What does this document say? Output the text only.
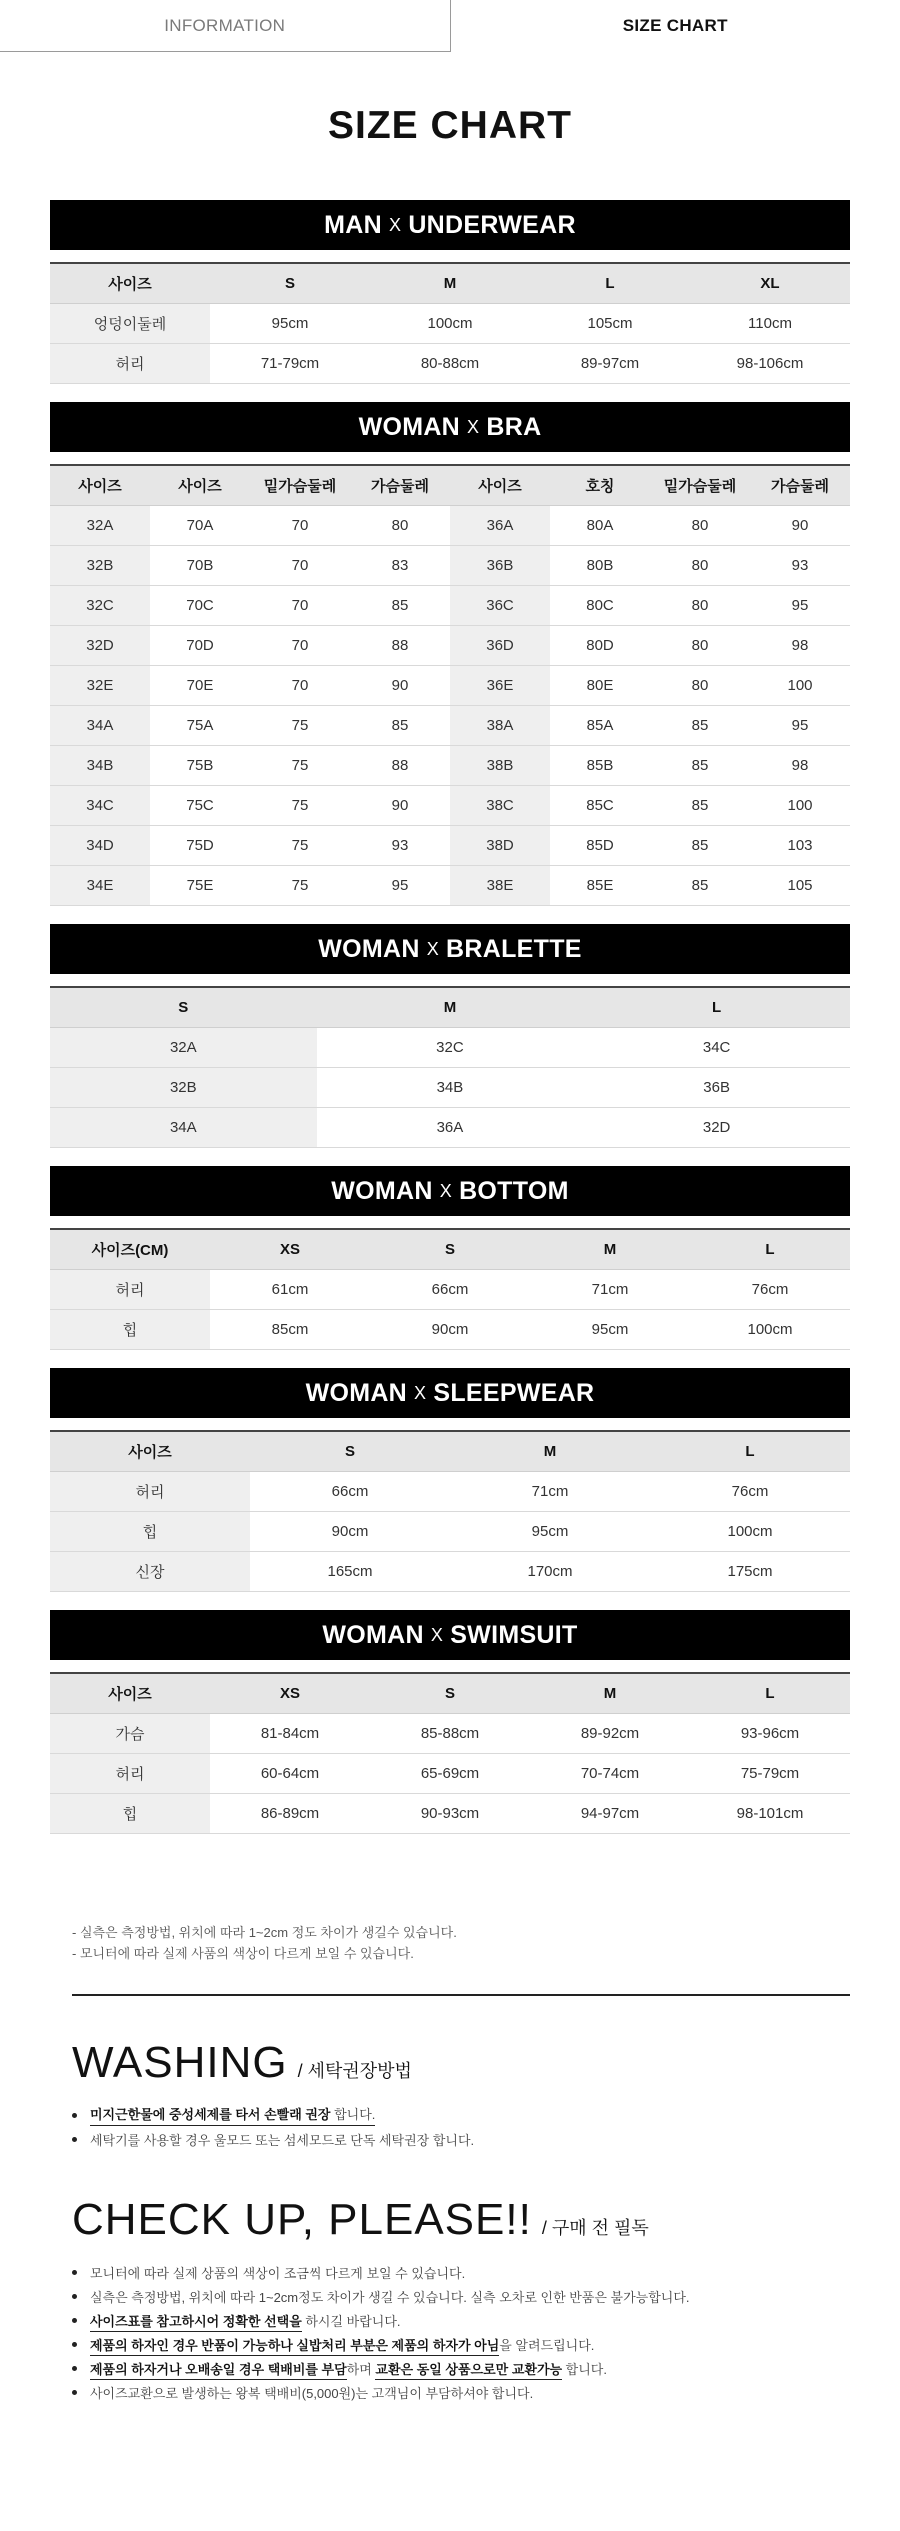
INFORMATION	SIZE CHART
SIZE CHART
MAN X UNDERWEAR
사이즈	S	M	L	XL
엉덩이둘레	95cm	100cm	105cm	110cm
허리	71-79cm	80-88cm	89-97cm	98-106cm
WOMAN X BRA
사이즈	사이즈	밑가슴둘레	가슴둘레	사이즈	호칭	밑가슴둘레	가슴둘레
32A	70A	70	80	36A	80A	80	90
32B	70B	70	83	36B	80B	80	93
32C	70C	70	85	36C	80C	80	95
32D	70D	70	88	36D	80D	80	98
32E	70E	70	90	36E	80E	80	100
34A	75A	75	85	38A	85A	85	95
34B	75B	75	88	38B	85B	85	98
34C	75C	75	90	38C	85C	85	100
34D	75D	75	93	38D	85D	85	103
34E	75E	75	95	38E	85E	85	105
WOMAN X BRALETTE
S	M	L
32A	32C	34C
32B	34B	36B
34A	36A	32D
WOMAN X BOTTOM
사이즈(CM)	XS	S	M	L
허리	61cm	66cm	71cm	76cm
힙	85cm	90cm	95cm	100cm
WOMAN X SLEEPWEAR
사이즈	S	M	L
허리	66cm	71cm	76cm
힙	90cm	95cm	100cm
신장	165cm	170cm	175cm
WOMAN X SWIMSUIT
사이즈	XS	S	M	L
가슴	81-84cm	85-88cm	89-92cm	93-96cm
허리	60-64cm	65-69cm	70-74cm	75-79cm
힙	86-89cm	90-93cm	94-97cm	98-101cm
- 실측은 측정방법, 위치에 따라 1~2cm 정도 차이가 생길수 있습니다.
- 모니터에 따라 실제 사품의 색상이 다르게 보일 수 있습니다.
WASHING / 세탁권장방법
미지근한물에 중성세제를 타서 손빨래 권장 합니다.
세탁기를 사용할 경우 울모드 또는 섬세모드로 단독 세탁권장 합니다.
CHECK UP, PLEASE!! / 구매 전 필독
모니터에 따라 실제 상품의 색상이 조금씩 다르게 보일 수 있습니다.
실측은 측정방법, 위치에 따라 1~2cm정도 차이가 생길 수 있습니다. 실측 오차로 인한 반품은 불가능합니다.
사이즈표를 참고하시어 정확한 선택을 하시길 바랍니다.
제품의 하자인 경우 반품이 가능하나 실밥처리 부분은 제품의 하자가 아님을 알려드립니다.
제품의 하자거나 오배송일 경우 택배비를 부담하며 교환은 동일 상품으로만 교환가능 합니다.
사이즈교환으로 발생하는 왕복 택배비(5,000원)는 고객님이 부담하셔야 합니다.
